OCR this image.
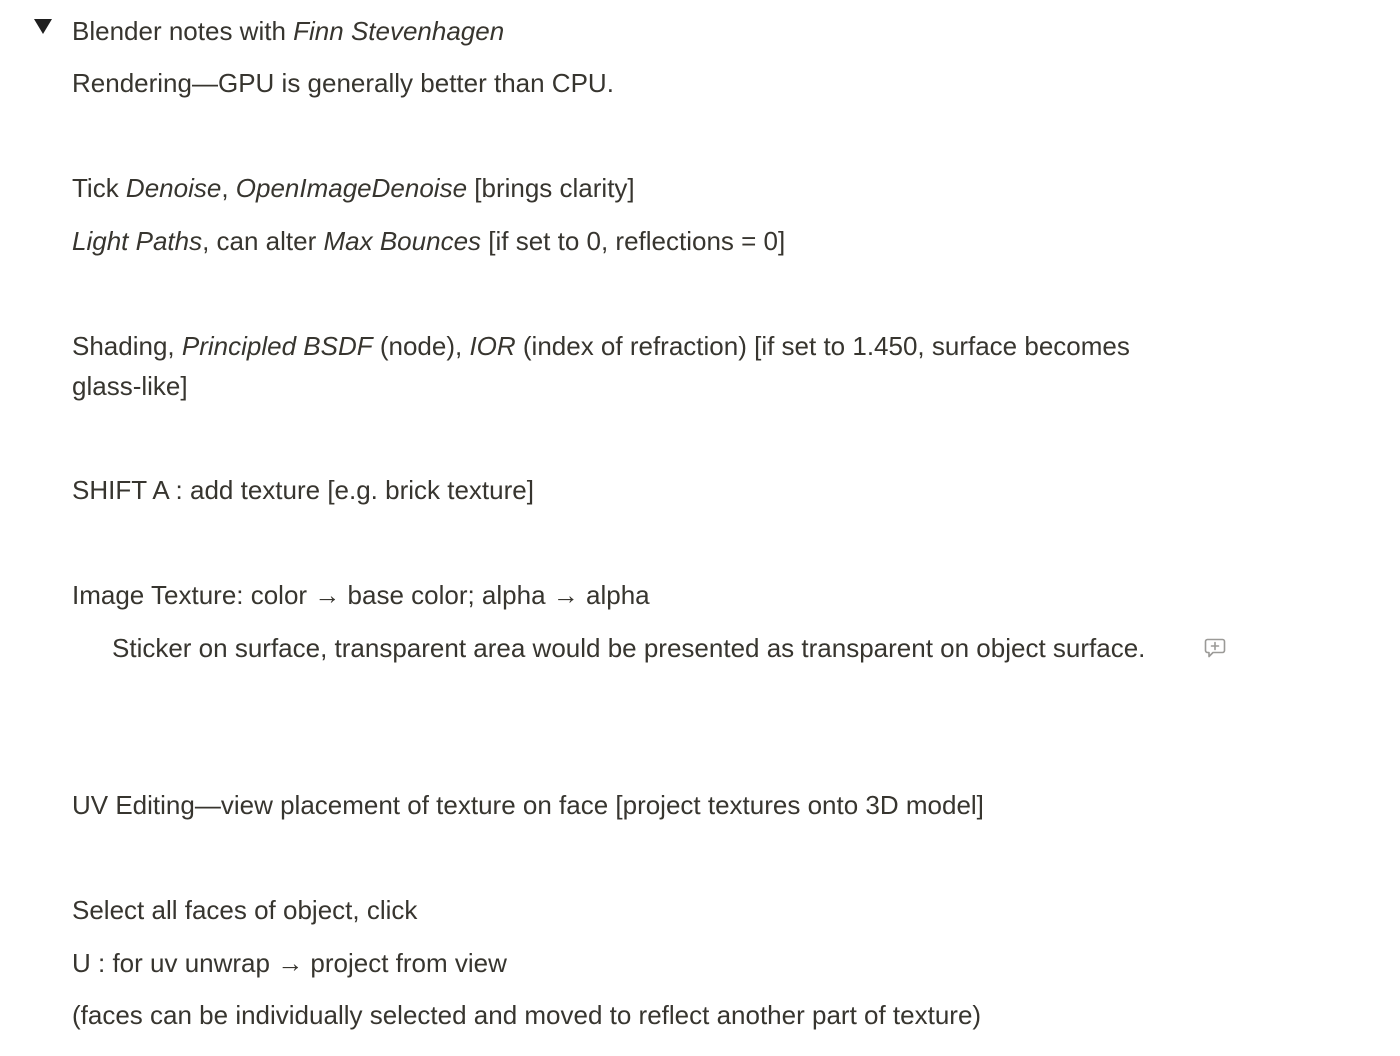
Blender notes with Finn Stevenhagen
Rendering—GPU is generally better than CPU.
Tick Denoise, OpenImageDenoise [brings clarity]
Light Paths, can alter Max Bounces [if set to 0, reflections = 0]
Shading, Principled BSDF (node), IOR (index of refraction) [if set to 1.450, surface becomes glass-like]
SHIFT A : add texture [e.g. brick texture]
Image Texture: color → base color; alpha → alpha
Sticker on surface, transparent area would be presented as transparent on object surface.
UV Editing—view placement of texture on face [project textures onto 3D model]
Select all faces of object, click
U : for uv unwrap → project from view
(faces can be individually selected and moved to reflect another part of texture)
